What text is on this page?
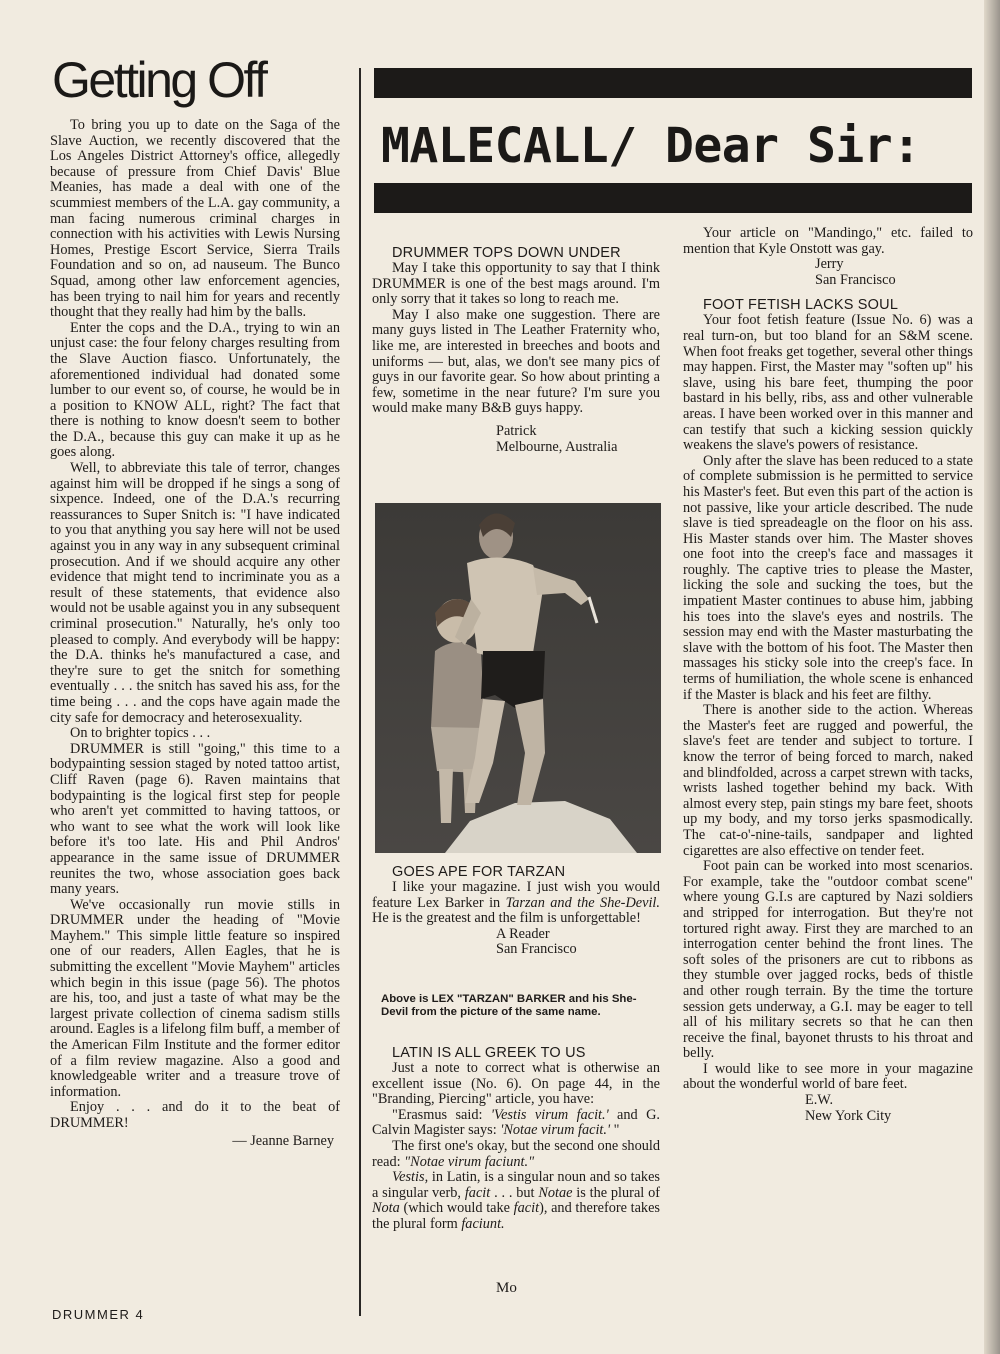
Getting Off

To bring you up to date on the Saga of the Slave Auction, we recently discovered that the Los Angeles District Attorney's office, allegedly because of pressure from Chief Davis' Blue Meanies, has made a deal with one of the scummiest members of the L.A. gay community, a man facing numerous criminal charges in connection with his activities with Lewis Nursing Homes, Prestige Escort Service, Sierra Trails Foundation and so on, ad nauseum. The Bunco Squad, among other law enforcement agencies, has been trying to nail him for years and recently thought that they really had him by the balls.

Enter the cops and the D.A., trying to win an unjust case: the four felony charges resulting from the Slave Auction fiasco. Unfortunately, the aforementioned individual had donated some lumber to our event so, of course, he would be in a position to KNOW ALL, right? The fact that there is nothing to know doesn't seem to bother the D.A., because this guy can make it up as he goes along.

Well, to abbreviate this tale of terror, changes against him will be dropped if he sings a song of sixpence. Indeed, one of the D.A.'s recurring reassurances to Super Snitch is: "I have indicated to you that anything you say here will not be used against you in any way in any subsequent criminal prosecution. And if we should acquire any other evidence that might tend to incriminate you as a result of these statements, that evidence also would not be usable against you in any subsequent criminal prosecution." Naturally, he's only too pleased to comply. And everybody will be happy: the D.A. thinks he's manufactured a case, and they're sure to get the snitch for something eventually . . . the snitch has saved his ass, for the time being . . . and the cops have again made the city safe for democracy and heterosexuality.

On to brighter topics . . .

DRUMMER is still "going," this time to a bodypainting session staged by noted tattoo artist, Cliff Raven (page 6). Raven maintains that bodypainting is the logical first step for people who aren't yet committed to having tattoos, or who want to see what the work will look like before it's too late. His and Phil Andros' appearance in the same issue of DRUMMER reunites the two, whose association goes back many years.

We've occasionally run movie stills in DRUMMER under the heading of "Movie Mayhem." This simple little feature so inspired one of our readers, Allen Eagles, that he is submitting the excellent "Movie Mayhem" articles which begin in this issue (page 56). The photos are his, too, and just a taste of what may be the largest private collection of cinema sadism stills around. Eagles is a lifelong film buff, a member of the American Film Institute and the former editor of a film review magazine. Also a good and knowledgeable writer and a treasure trove of information.

Enjoy . . . and do it to the beat of DRUMMER!

— Jeanne Barney

MALECALL/ Dear Sir:

DRUMMER TOPS DOWN UNDER

May I take this opportunity to say that I think DRUMMER is one of the best mags around. I'm only sorry that it takes so long to reach me.

May I also make one suggestion. There are many guys listed in The Leather Fraternity who, like me, are interested in breeches and boots and uniforms — but, alas, we don't see many pics of guys in our favorite gear. So how about printing a few, sometime in the near future? I'm sure you would make many B&B guys happy.

Patrick

Melbourne, Australia

GOES APE FOR TARZAN

I like your magazine. I just wish you would feature Lex Barker in Tarzan and the She-Devil. He is the greatest and the film is unforgettable!

A Reader

San Francisco

Above is LEX "TARZAN" BARKER and his She-Devil from the picture of the same name.

LATIN IS ALL GREEK TO US

Just a note to correct what is otherwise an excellent issue (No. 6). On page 44, in the "Branding, Piercing" article, you have:

"Erasmus said: 'Vestis virum facit.' and G. Calvin Magister says: 'Notae virum facit.' "

The first one's okay, but the second one should read: "Notae virum faciunt."

Vestis, in Latin, is a singular noun and so takes a singular verb, facit . . . but Notae is the plural of Nota (which would take facit), and therefore takes the plural form faciunt.

Mo

Your article on "Mandingo," etc. failed to mention that Kyle Onstott was gay.

Jerry

San Francisco

FOOT FETISH LACKS SOUL

Your foot fetish feature (Issue No. 6) was a real turn-on, but too bland for an S&M scene. When foot freaks get together, several other things may happen. First, the Master may "soften up" his slave, using his bare feet, thumping the poor bastard in his belly, ribs, ass and other vulnerable areas. I have been worked over in this manner and can testify that such a kicking session quickly weakens the slave's powers of resistance.

Only after the slave has been reduced to a state of complete submission is he permitted to service his Master's feet. But even this part of the action is not passive, like your article described. The nude slave is tied spreadeagle on the floor on his ass. His Master stands over him. The Master shoves one foot into the creep's face and massages it roughly. The captive tries to please the Master, licking the sole and sucking the toes, but the impatient Master continues to abuse him, jabbing his toes into the slave's eyes and nostrils. The session may end with the Master masturbating the slave with the bottom of his foot. The Master then massages his sticky sole into the creep's face. In terms of humiliation, the whole scene is enhanced if the Master is black and his feet are filthy.

There is another side to the action. Whereas the Master's feet are rugged and powerful, the slave's feet are tender and subject to torture. I know the terror of being forced to march, naked and blindfolded, across a carpet strewn with tacks, wrists lashed together behind my back. With almost every step, pain stings my bare feet, shoots up my body, and my torso jerks spasmodically. The cat-o'-nine-tails, sandpaper and lighted cigarettes are also effective on tender feet.

Foot pain can be worked into most scenarios. For example, take the "outdoor combat scene" where young G.I.s are captured by Nazi soldiers and stripped for interrogation. But they're not tortured right away. First they are marched to an interrogation center behind the front lines. The soft soles of the prisoners are cut to ribbons as they stumble over jagged rocks, beds of thistle and other rough terrain. By the time the torture session gets underway, a G.I. may be eager to tell all of his military secrets so that he can then receive the final, bayonet thrusts to his throat and belly.

I would like to see more in your magazine about the wonderful world of bare feet.

E.W.

New York City

DRUMMER 4
